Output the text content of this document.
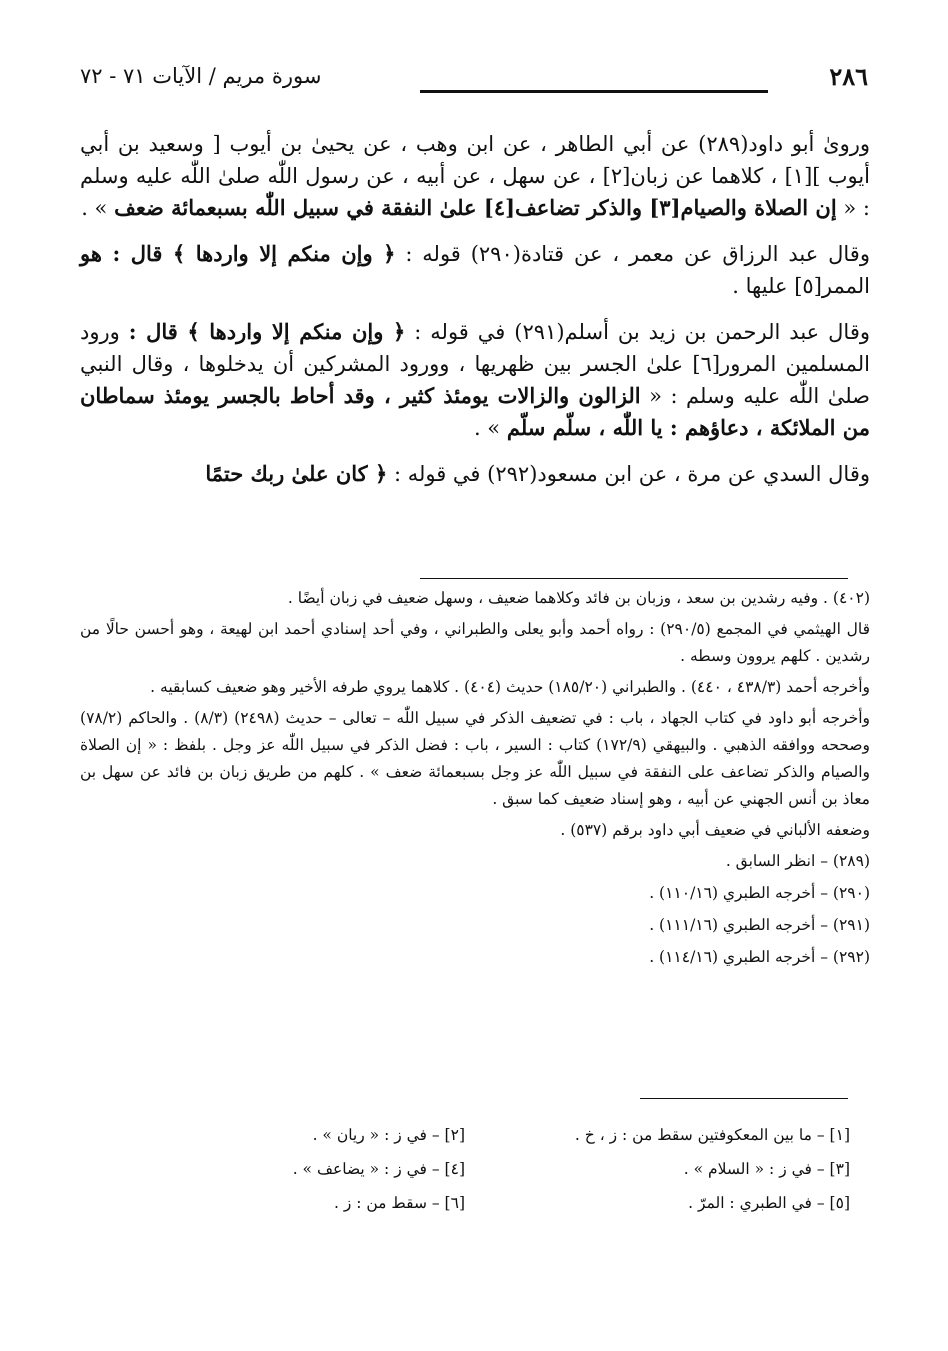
٢٨٦
سورة مريم / الآيات ٧١ - ٧٢

وروىٰ أبو داود(٢٨٩) عن أبي الطاهر ، عن ابن وهب ، عن يحيىٰ بن أيوب [ وسعيد بن أبي أيوب ][١] ، كلاهما عن زبان[٢] ، عن سهل ، عن أبيه ، عن رسول اللّٰه صلىٰ اللّٰه عليه وسلم : « إن الصلاة والصيام[٣] والذكر تضاعف[٤] علىٰ النفقة في سبيل اللّٰه بسبعمائة ضعف » .

وقال عبد الرزاق عن معمر ، عن قتادة(٢٩٠) قوله : ﴿ وإن منكم إلا واردها ﴾ قال : هو الممر[٥] عليها .

وقال عبد الرحمن بن زيد بن أسلم(٢٩١) في قوله : ﴿ وإن منكم إلا واردها ﴾ قال : ورود المسلمين المرور[٦] علىٰ الجسر بين ظهريها ، وورود المشركين أن يدخلوها ، وقال النبي صلىٰ اللّٰه عليه وسلم : « الزالون والزالات يومئذ كثير ، وقد أحاط بالجسر يومئذ سماطان من الملائكة ، دعاؤهم : يا اللّٰه ، سلّم سلّم » .

وقال السدي عن مرة ، عن ابن مسعود(٢٩٢) في قوله : ﴿ كان علىٰ ربك حتمًا

(٤٠٢) . وفيه رشدين بن سعد ، وزبان بن فائد وكلاهما ضعيف ، وسهل ضعيف في زبان أيضًا .

قال الهيثمي في المجمع (٢٩٠/٥) : رواه أحمد وأبو يعلى والطبراني ، وفي أحد إسنادي أحمد ابن لهيعة ، وهو أحسن حالًا من رشدين . كلهم يروون وسطه .

وأخرجه أحمد (٤٣٨/٣ ، ٤٤٠) . والطبراني (١٨٥/٢٠) حديث (٤٠٤) . كلاهما يروي طرفه الأخير وهو ضعيف كسابقيه .

وأخرجه أبو داود في كتاب الجهاد ، باب : في تضعيف الذكر في سبيل اللّٰه – تعالى – حديث (٢٤٩٨) (٨/٣) . والحاكم (٧٨/٢) وصححه ووافقه الذهبي . والبيهقي (١٧٢/٩) كتاب : السير ، باب : فضل الذكر في سبيل اللّٰه عز وجل . بلفظ : « إن الصلاة والصيام والذكر تضاعف على النفقة في سبيل اللّٰه عز وجل بسبعمائة ضعف » . كلهم من طريق زبان بن فائد عن سهل بن معاذ بن أنس الجهني عن أبيه ، وهو إسناد ضعيف كما سبق .

وضعفه الألباني في ضعيف أبي داود برقم (٥٣٧) .

(٢٨٩) – انظر السابق .

(٢٩٠) – أخرجه الطبري (١١٠/١٦) .

(٢٩١) – أخرجه الطبري (١١١/١٦) .

(٢٩٢) – أخرجه الطبري (١١٤/١٦) .

[١] – ما بين المعكوفتين سقط من : ز ، خ .
[٢] – في ز : « ريان » .
[٣] – في ز : « السلام » .
[٤] – في ز : « يضاعف » .
[٥] – في الطبري : المرّ .
[٦] – سقط من : ز .
